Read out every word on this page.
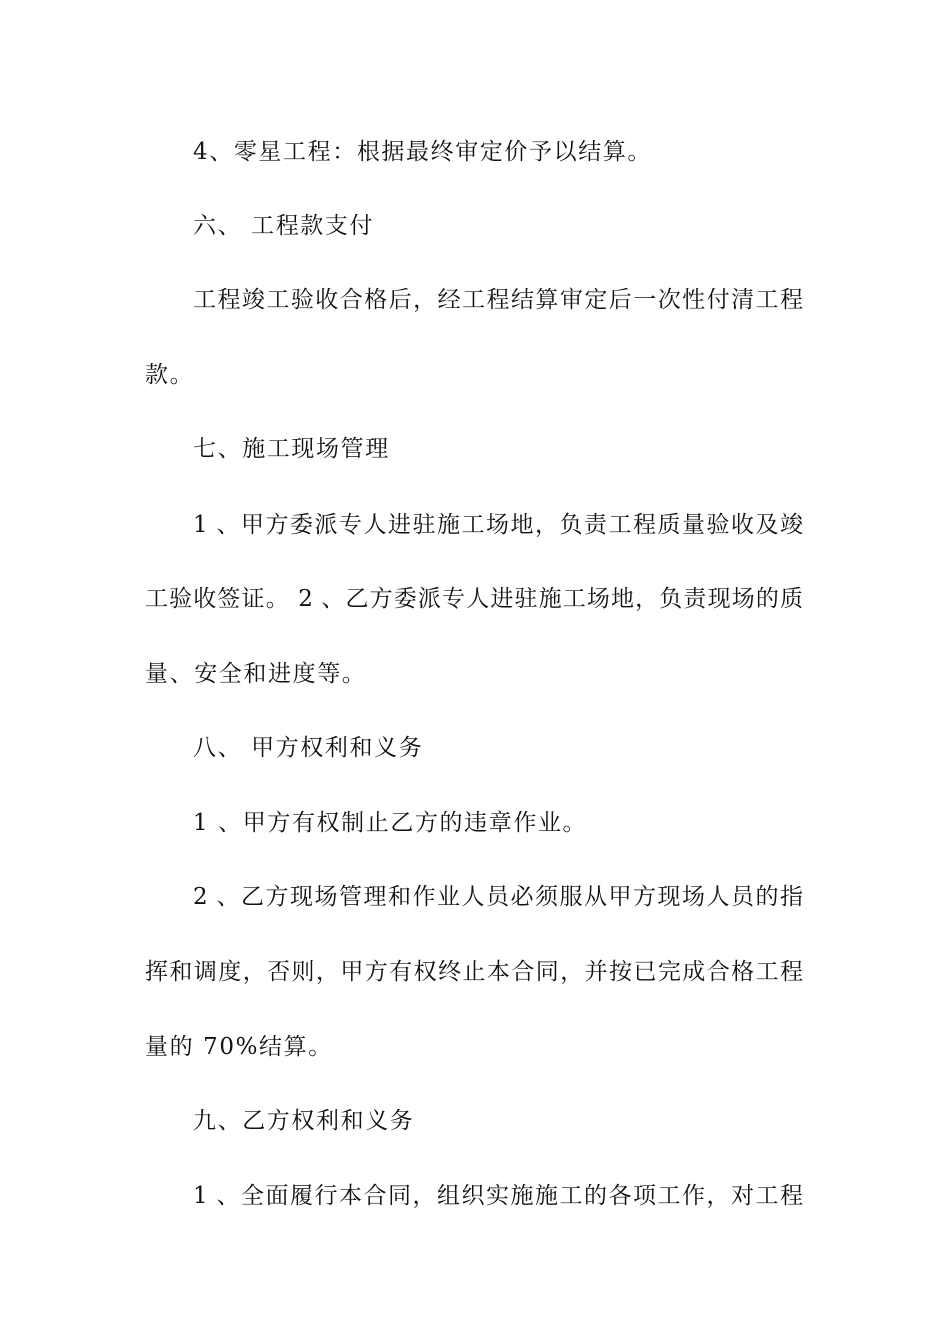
4、零星工程：根据最终审定价予以结算。
六、 工程款支付
工程竣工验收合格后，经工程结算审定后一次性付清工程
款。
七、施工现场管理
1 、甲方委派专人进驻施工场地，负责工程质量验收及竣
工验收签证。 2 、乙方委派专人进驻施工场地，负责现场的质
量、安全和进度等。
八、 甲方权利和义务
1 、甲方有权制止乙方的违章作业。
2 、乙方现场管理和作业人员必须服从甲方现场人员的指
挥和调度，否则，甲方有权终止本合同，并按已完成合格工程
量的 70%结算。
九、乙方权利和义务
1 、全面履行本合同，组织实施施工的各项工作，对工程
